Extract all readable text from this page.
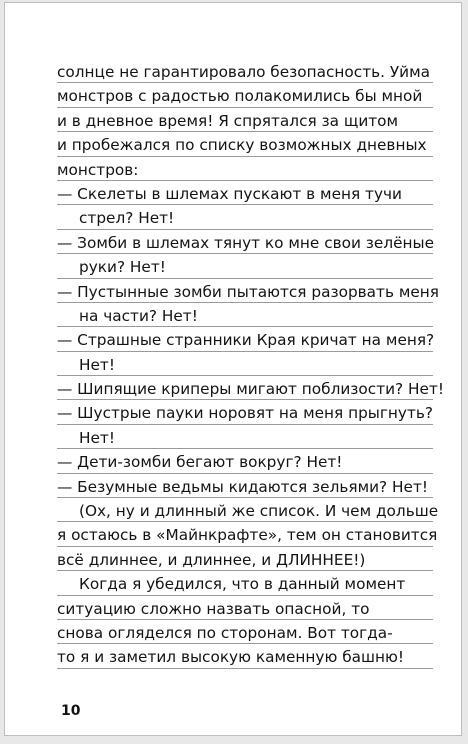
солнце не гарантировало безопасность. Уйма
монстров с радостью полакомились бы мной
и в дневное время! Я спрятался за щитом
и пробежался по списку возможных дневных
монстров:
— Скелеты в шлемах пускают в меня тучи
стрел? Нет!
— Зомби в шлемах тянут ко мне свои зелёные
руки? Нет!
— Пустынные зомби пытаются разорвать меня
на части? Нет!
— Страшные странники Края кричат на меня?
Нет!
— Шипящие криперы мигают поблизости? Нет!
— Шустрые пауки норовят на меня прыгнуть?
Нет!
— Дети-зомби бегают вокруг? Нет!
— Безумные ведьмы кидаются зельями? Нет!
(Ох, ну и длинный же список. И чем дольше
я остаюсь в «Майнкрафте», тем он становится
всё длиннее, и длиннее, и ДЛИННЕЕ!)
Когда я убедился, что в данный момент
ситуацию сложно назвать опасной, то
снова огляделся по сторонам. Вот тогда-
то я и заметил высокую каменную башню!
10
